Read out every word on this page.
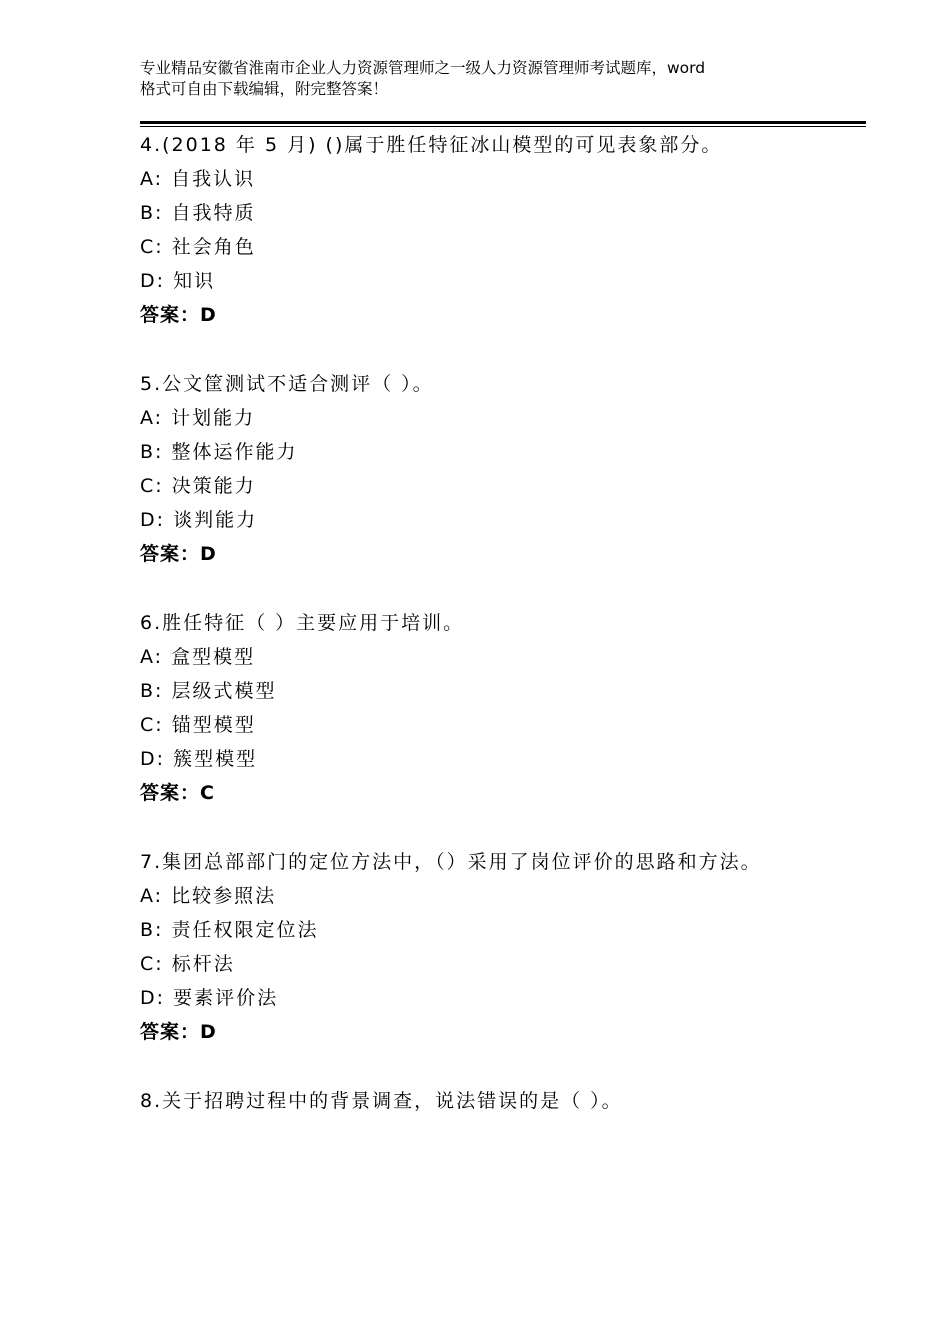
专业精品安徽省淮南市企业人力资源管理师之一级人力资源管理师考试题库，word
格式可自由下载编辑，附完整答案！
4.(2018 年 5 月) ()属于胜任特征冰山模型的可见表象部分。
A: 自我认识
B: 自我特质
C: 社会角色
D: 知识
答案：D
5.公文筐测试不适合测评（ ）。
A: 计划能力
B: 整体运作能力
C: 决策能力
D: 谈判能力
答案：D
6.胜任特征（ ）主要应用于培训。
A: 盒型模型
B: 层级式模型
C: 锚型模型
D: 簇型模型
答案：C
7.集团总部部门的定位方法中，（）采用了岗位评价的思路和方法。
A: 比较参照法
B: 责任权限定位法
C: 标杆法
D: 要素评价法
答案：D
8.关于招聘过程中的背景调查，说法错误的是（ ）。
